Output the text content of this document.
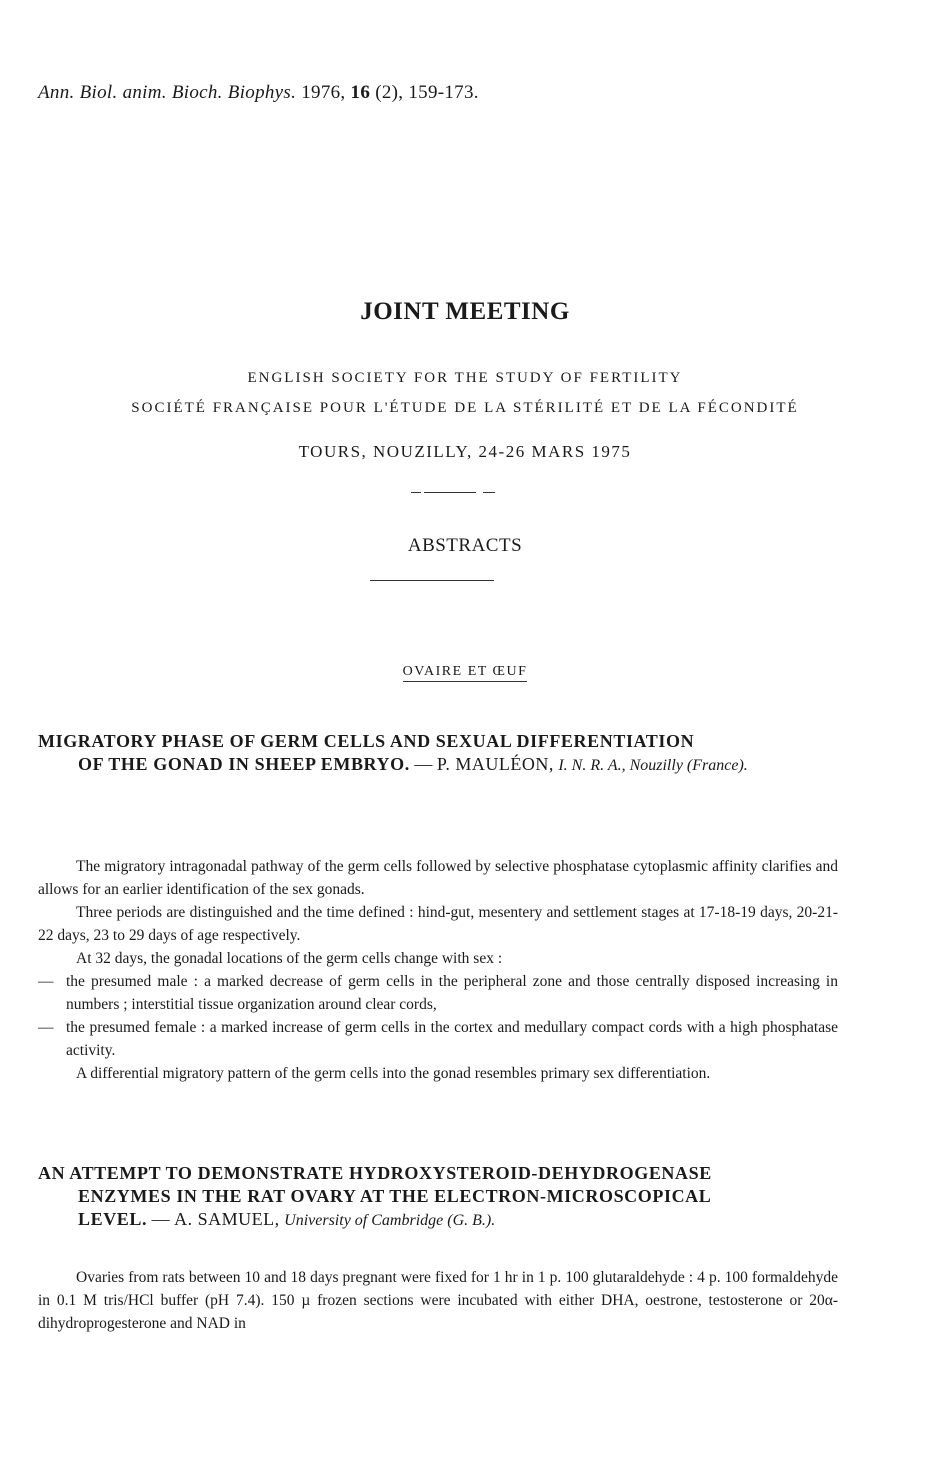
Ann. Biol. anim. Bioch. Biophys. 1976, 16 (2), 159-173.
JOINT MEETING
ENGLISH SOCIETY FOR THE STUDY OF FERTILITY
SOCIÉTÉ FRANÇAISE POUR L'ÉTUDE DE LA STÉRILITÉ ET DE LA FÉCONDITÉ
TOURS, NOUZILLY, 24-26 MARS 1975
ABSTRACTS
OVAIRE ET ŒUF
MIGRATORY PHASE OF GERM CELLS AND SEXUAL DIFFERENTIATION
OF THE GONAD IN SHEEP EMBRYO. — P. MAULÉON, I. N. R. A., Nouzilly (France).

The migratory intragonadal pathway of the germ cells followed by selective phosphatase cytoplasmic affinity clarifies and allows for an earlier identification of the sex gonads.

Three periods are distinguished and the time defined : hind-gut, mesentery and settlement stages at 17-18-19 days, 20-21-22 days, 23 to 29 days of age respectively.

At 32 days, the gonadal locations of the germ cells change with sex :

— the presumed male : a marked decrease of germ cells in the peripheral zone and those centrally disposed increasing in numbers ; interstitial tissue organization around clear cords,

— the presumed female : a marked increase of germ cells in the cortex and medullary compact cords with a high phosphatase activity.

A differential migratory pattern of the germ cells into the gonad resembles primary sex differentiation.

AN ATTEMPT TO DEMONSTRATE HYDROXYSTEROID-DEHYDROGENASE
ENZYMES IN THE RAT OVARY AT THE ELECTRON-MICROSCOPICAL
LEVEL. — A. SAMUEL, University of Cambridge (G. B.).

Ovaries from rats between 10 and 18 days pregnant were fixed for 1 hr in 1 p. 100 glutaraldehyde : 4 p. 100 formaldehyde in 0.1 M tris/HCl buffer (pH 7.4). 150 µ frozen sections were incubated with either DHA, oestrone, testosterone or 20α-dihydroprogesterone and NAD in
